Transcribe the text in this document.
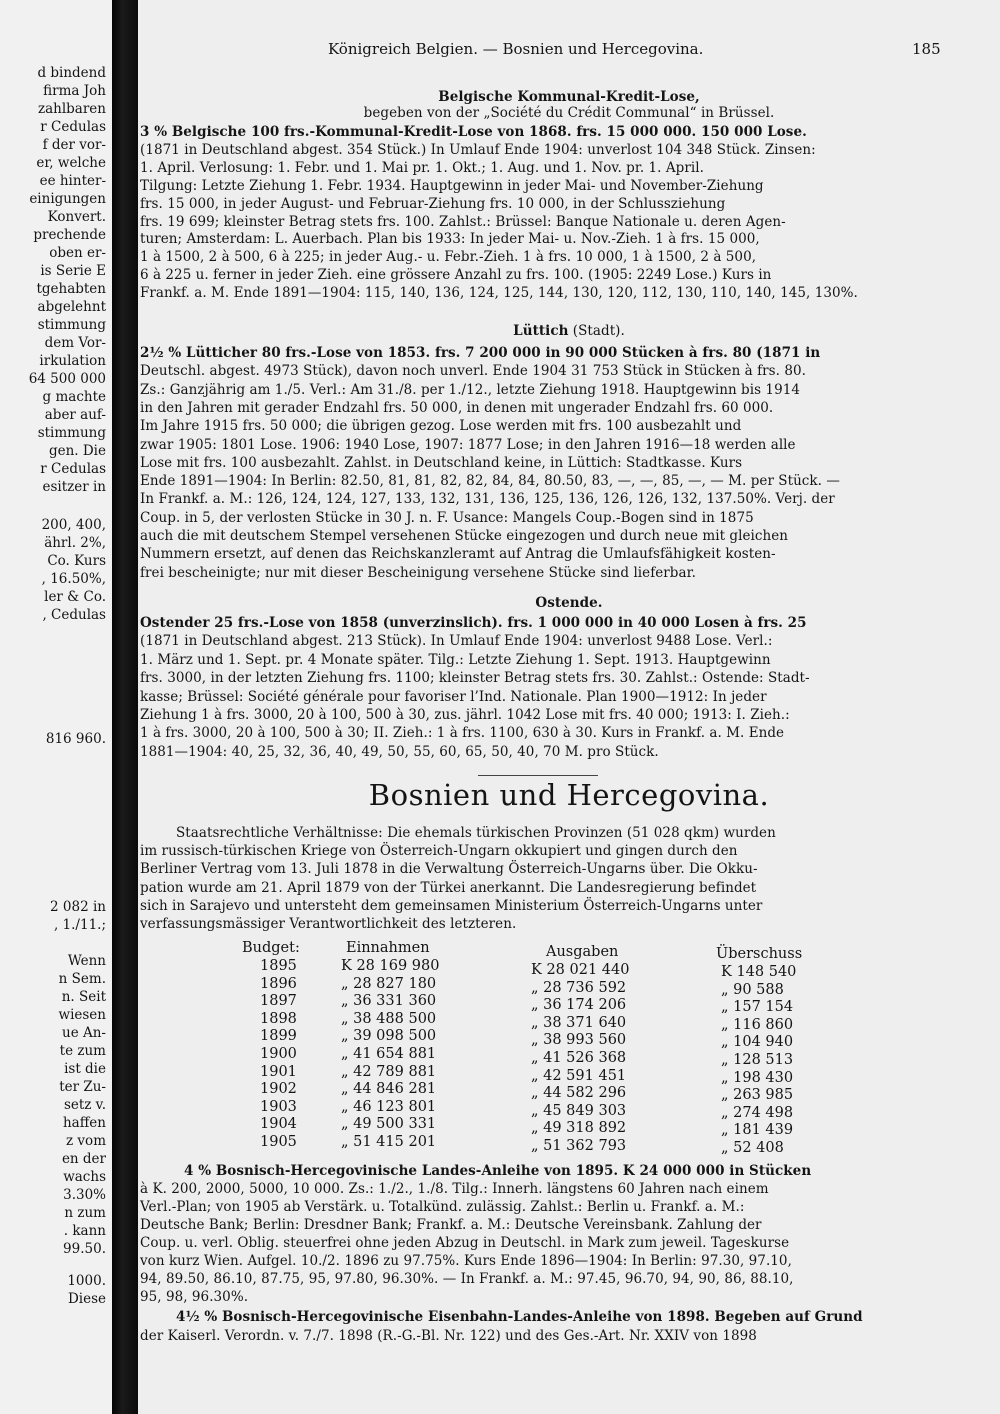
d bindend
firma Joh
zahlbaren
r Cedulas
f der vor-
er, welche
ee hinter-
einigungen
Konvert.
prechende
oben er-
is Serie E
tgehabten
abgelehnt
stimmung
dem Vor-
irkulation
64 500 000
g machte
aber auf-
stimmung
gen. Die
r Cedulas
esitzer in
200, 400,
ährl. 2%,
Co. Kurs
, 16.50%,
ler & Co.
, Cedulas
816 960.
2 082 in
, 1./11.;
Wenn
n Sem.
n. Seit
wiesen
ue An-
te zum
ist die
ter Zu-
setz v.
haffen
z vom
en der
wachs
3.30%
n zum
. kann
99.50.
1000.
Diese
Königreich Belgien. — Bosnien und Hercegovina.	185
Belgische Kommunal-Kredit-Lose,
begeben von der „Société du Crédit Communal“ in Brüssel.
3 % Belgische 100 frs.-Kommunal-Kredit-Lose von 1868. frs. 15 000 000. 150 000 Lose.
(1871 in Deutschland abgest. 354 Stück.) In Umlauf Ende 1904: unverlost 104 348 Stück. Zinsen:
1. April. Verlosung: 1. Febr. und 1. Mai pr. 1. Okt.; 1. Aug. und 1. Nov. pr. 1. April.
Tilgung: Letzte Ziehung 1. Febr. 1934. Hauptgewinn in jeder Mai- und November-Ziehung
frs. 15 000, in jeder August- und Februar-Ziehung frs. 10 000, in der Schlussziehung
frs. 19 699; kleinster Betrag stets frs. 100. Zahlst.: Brüssel: Banque Nationale u. deren Agen-
turen; Amsterdam: L. Auerbach. Plan bis 1933: In jeder Mai- u. Nov.-Zieh. 1 à frs. 15 000,
1 à 1500, 2 à 500, 6 à 225; in jeder Aug.- u. Febr.-Zieh. 1 à frs. 10 000, 1 à 1500, 2 à 500,
6 à 225 u. ferner in jeder Zieh. eine grössere Anzahl zu frs. 100. (1905: 2249 Lose.) Kurs in
Frankf. a. M. Ende 1891—1904: 115, 140, 136, 124, 125, 144, 130, 120, 112, 130, 110, 140, 145, 130%.
Lüttich (Stadt).
2½ % Lütticher 80 frs.-Lose von 1853. frs. 7 200 000 in 90 000 Stücken à frs. 80 (1871 in
Deutschl. abgest. 4973 Stück), davon noch unverl. Ende 1904 31 753 Stück in Stücken à frs. 80.
Zs.: Ganzjährig am 1./5. Verl.: Am 31./8. per 1./12., letzte Ziehung 1918. Hauptgewinn bis 1914
in den Jahren mit gerader Endzahl frs. 50 000, in denen mit ungerader Endzahl frs. 60 000.
Im Jahre 1915 frs. 50 000; die übrigen gezog. Lose werden mit frs. 100 ausbezahlt und
zwar 1905: 1801 Lose. 1906: 1940 Lose, 1907: 1877 Lose; in den Jahren 1916—18 werden alle
Lose mit frs. 100 ausbezahlt. Zahlst. in Deutschland keine, in Lüttich: Stadtkasse. Kurs
Ende 1891—1904: In Berlin: 82.50, 81, 81, 82, 82, 84, 84, 80.50, 83, —, —, 85, —, — M. per Stück. —
In Frankf. a. M.: 126, 124, 124, 127, 133, 132, 131, 136, 125, 136, 126, 126, 132, 137.50%. Verj. der
Coup. in 5, der verlosten Stücke in 30 J. n. F. Usance: Mangels Coup.-Bogen sind in 1875
auch die mit deutschem Stempel versehenen Stücke eingezogen und durch neue mit gleichen
Nummern ersetzt, auf denen das Reichskanzleramt auf Antrag die Umlaufsfähigkeit kosten-
frei bescheinigte; nur mit dieser Bescheinigung versehene Stücke sind lieferbar.
Ostende.
Ostender 25 frs.-Lose von 1858 (unverzinslich). frs. 1 000 000 in 40 000 Losen à frs. 25
(1871 in Deutschland abgest. 213 Stück). In Umlauf Ende 1904: unverlost 9488 Lose. Verl.:
1. März und 1. Sept. pr. 4 Monate später. Tilg.: Letzte Ziehung 1. Sept. 1913. Hauptgewinn
frs. 3000, in der letzten Ziehung frs. 1100; kleinster Betrag stets frs. 30. Zahlst.: Ostende: Stadt-
kasse; Brüssel: Société générale pour favoriser l’Ind. Nationale. Plan 1900—1912: In jeder
Ziehung 1 à frs. 3000, 20 à 100, 500 à 30, zus. jährl. 1042 Lose mit frs. 40 000; 1913: I. Zieh.:
1 à frs. 3000, 20 à 100, 500 à 30; II. Zieh.: 1 à frs. 1100, 630 à 30. Kurs in Frankf. a. M. Ende
1881—1904: 40, 25, 32, 36, 40, 49, 50, 55, 60, 65, 50, 40, 70 M. pro Stück.
Bosnien und Hercegovina.
Staatsrechtliche Verhältnisse: Die ehemals türkischen Provinzen (51 028 qkm) wurden
im russisch-türkischen Kriege von Österreich-Ungarn okkupiert und gingen durch den
Berliner Vertrag vom 13. Juli 1878 in die Verwaltung Österreich-Ungarns über. Die Okku-
pation wurde am 21. April 1879 von der Türkei anerkannt. Die Landesregierung befindet
sich in Sarajevo und untersteht dem gemeinsamen Ministerium Österreich-Ungarns unter
verfassungsmässiger Verantwortlichkeit des letzteren.
Budget:	Einnahmen	Ausgaben	Überschuss
1895	K 28 169 980	K 28 021 440	K 148 540
1896	„ 28 827 180	„ 28 736 592	„ 90 588
1897	„ 36 331 360	„ 36 174 206	„ 157 154
1898	„ 38 488 500	„ 38 371 640	„ 116 860
1899	„ 39 098 500	„ 38 993 560	„ 104 940
1900	„ 41 654 881	„ 41 526 368	„ 128 513
1901	„ 42 789 881	„ 42 591 451	„ 198 430
1902	„ 44 846 281	„ 44 582 296	„ 263 985
1903	„ 46 123 801	„ 45 849 303	„ 274 498
1904	„ 49 500 331	„ 49 318 892	„ 181 439
1905	„ 51 415 201	„ 51 362 793	„ 52 408
4 % Bosnisch-Hercegovinische Landes-Anleihe von 1895. K 24 000 000 in Stücken
à K. 200, 2000, 5000, 10 000. Zs.: 1./2., 1./8. Tilg.: Innerh. längstens 60 Jahren nach einem
Verl.-Plan; von 1905 ab Verstärk. u. Totalkünd. zulässig. Zahlst.: Berlin u. Frankf. a. M.:
Deutsche Bank; Berlin: Dresdner Bank; Frankf. a. M.: Deutsche Vereinsbank. Zahlung der
Coup. u. verl. Oblig. steuerfrei ohne jeden Abzug in Deutschl. in Mark zum jeweil. Tageskurse
von kurz Wien. Aufgel. 10./2. 1896 zu 97.75%. Kurs Ende 1896—1904: In Berlin: 97.30, 97.10,
94, 89.50, 86.10, 87.75, 95, 97.80, 96.30%. — In Frankf. a. M.: 97.45, 96.70, 94, 90, 86, 88.10,
95, 98, 96.30%.
4½ % Bosnisch-Hercegovinische Eisenbahn-Landes-Anleihe von 1898. Begeben auf Grund
der Kaiserl. Verordn. v. 7./7. 1898 (R.-G.-Bl. Nr. 122) und des Ges.-Art. Nr. XXIV von 1898
